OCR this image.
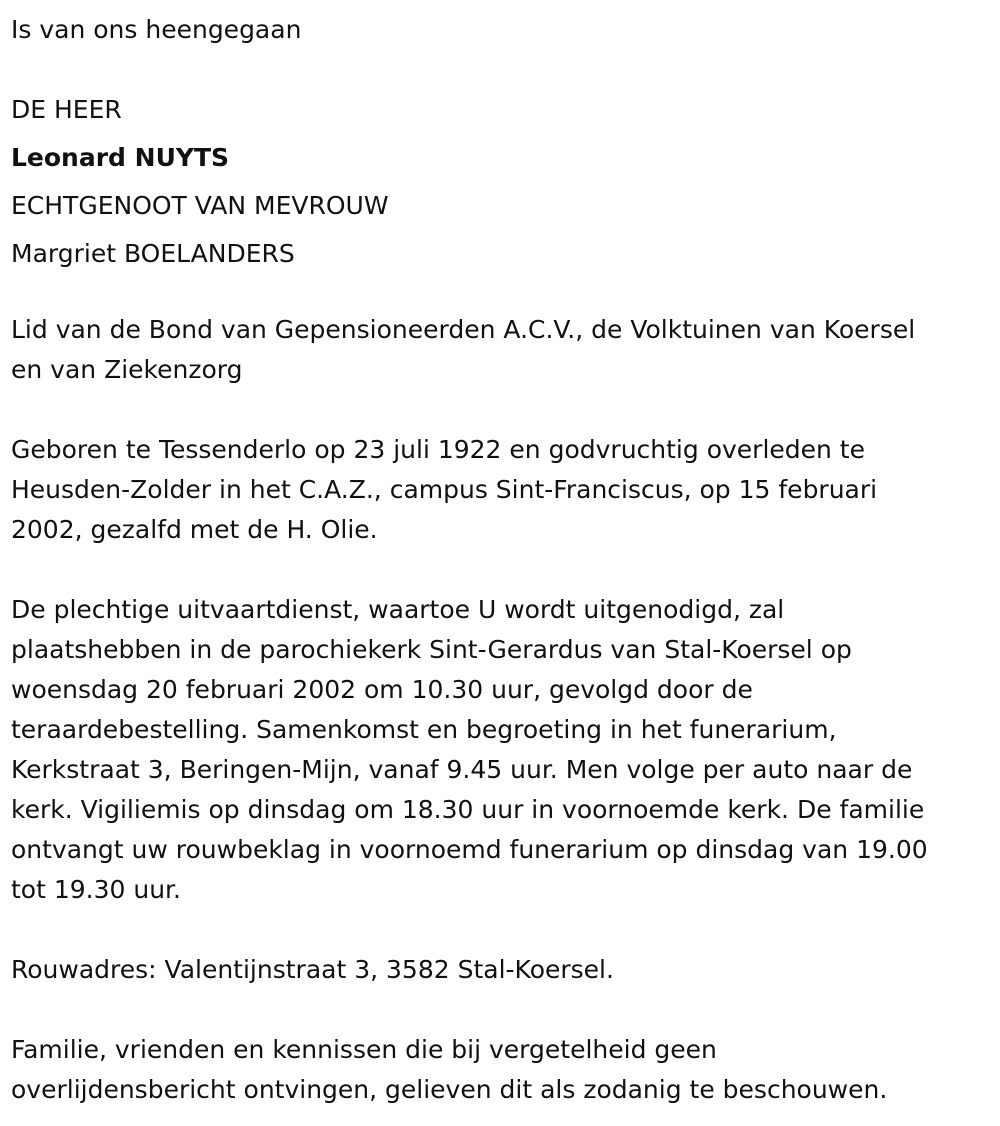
Is van ons heengegaan

DE HEER

Leonard NUYTS

ECHTGENOOT VAN MEVROUW

Margriet BOELANDERS

Lid van de Bond van Gepensioneerden A.C.V., de Volktuinen van Koersel
en van Ziekenzorg
Geboren te Tessenderlo op 23 juli 1922 en godvruchtig overleden te
Heusden-Zolder in het C.A.Z., campus Sint-Franciscus, op 15 februari
2002, gezalfd met de H. Olie.
De plechtige uitvaartdienst, waartoe U wordt uitgenodigd, zal
plaatshebben in de parochiekerk Sint-Gerardus van Stal-Koersel op
woensdag 20 februari 2002 om 10.30 uur, gevolgd door de
teraardebestelling. Samenkomst en begroeting in het funerarium,
Kerkstraat 3, Beringen-Mijn, vanaf 9.45 uur. Men volge per auto naar de
kerk. Vigiliemis op dinsdag om 18.30 uur in voornoemde kerk. De familie
ontvangt uw rouwbeklag in voornoemd funerarium op dinsdag van 19.00
tot 19.30 uur.
Rouwadres: Valentijnstraat 3, 3582 Stal-Koersel.
Familie, vrienden en kennissen die bij vergetelheid geen
overlijdensbericht ontvingen, gelieven dit als zodanig te beschouwen.
